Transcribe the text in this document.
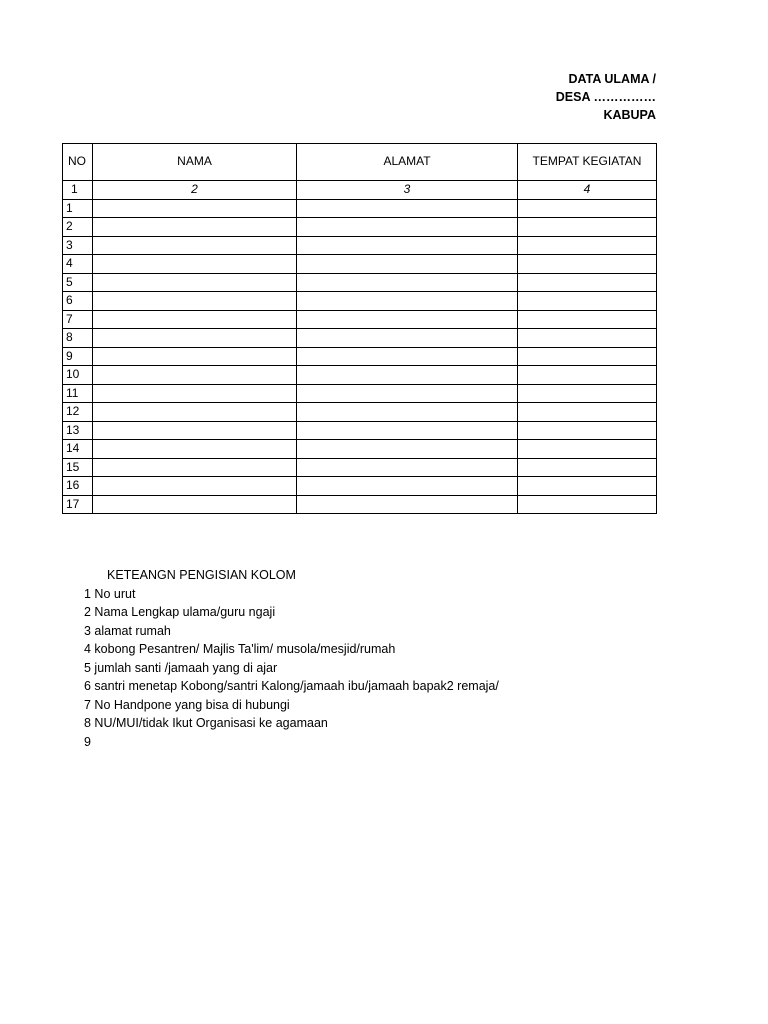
DATA ULAMA /
DESA ……………
KABUPA
NO	NAMA	ALAMAT	TEMPAT KEGIATAN
1	2	3	4
1			
2			
3			
4			
5			
6			
7			
8			
9			
10			
11			
12			
13			
14			
15			
16			
17			
KETEANGN PENGISIAN KOLOM
1 No urut
2 Nama Lengkap ulama/guru ngaji
3 alamat rumah
4 kobong Pesantren/ Majlis Ta'lim/ musola/mesjid/rumah
5 jumlah santi /jamaah yang di ajar
6 santri menetap Kobong/santri Kalong/jamaah ibu/jamaah bapak2 remaja/
7 No Handpone yang bisa di hubungi
8 NU/MUI/tidak Ikut Organisasi ke agamaan
9
